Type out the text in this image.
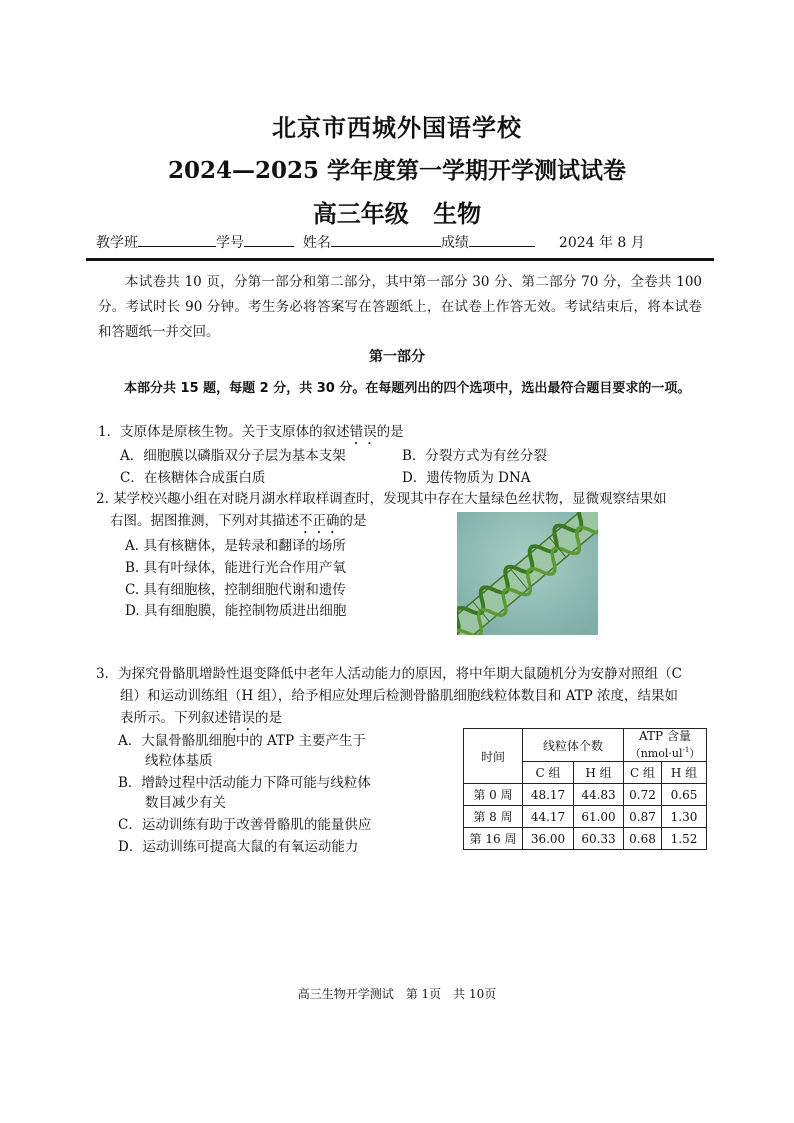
北京市西城外国语学校
2024—2025 学年度第一学期开学测试试卷
高三年级 生物
教学班	学号	姓名	成绩	2024 年 8 月
本试卷共 10 页，分第一部分和第二部分，其中第一部分 30 分、第二部分 70 分，全卷共 100 分。考试时长 90 分钟。考生务必将答案写在答题纸上，在试卷上作答无效。考试结束后，将本试卷和答题纸一并交回。
第一部分
本部分共 15 题，每题 2 分，共 30 分。在每题列出的四个选项中，选出最符合题目要求的一项。
1．支原体是原核生物。关于支原体的叙述错误的是
A．细胞膜以磷脂双分子层为基本支架	B．分裂方式为有丝分裂
C．在核糖体合成蛋白质	D．遗传物质为 DNA
2. 某学校兴趣小组在对晓月湖水样取样调查时，发现其中存在大量绿色丝状物，显微观察结果如
右图。据图推测，下列对其描述不正确的是
A. 具有核糖体，是转录和翻译的场所
B. 具有叶绿体，能进行光合作用产氧
C. 具有细胞核，控制细胞代谢和遗传
D. 具有细胞膜，能控制物质进出细胞
3．为探究骨骼肌增龄性退变降低中老年人活动能力的原因，将中年期大鼠随机分为安静对照组（C
组）和运动训练组（H 组），给予相应处理后检测骨骼肌细胞线粒体数目和 ATP 浓度，结果如
表所示。下列叙述错误的是
A．大鼠骨骼肌细胞中的 ATP 主要产生于
线粒体基质
B．增龄过程中活动能力下降可能与线粒体
数目减少有关
C．运动训练有助于改善骨骼肌的能量供应
D．运动训练可提高大鼠的有氧运动能力
时间	线粒体个数		ATP 含量
$(nmol\cdot ul^{-1})$	
	C 组	H 组	C 组	H 组
第 0 周	48.17	44.83	0.72	0.65
第 8 周	44.17	61.00	0.87	1.30
第 16 周	36.00	60.33	0.68	1.52
高三生物开学测试　第 1页　共 10页
